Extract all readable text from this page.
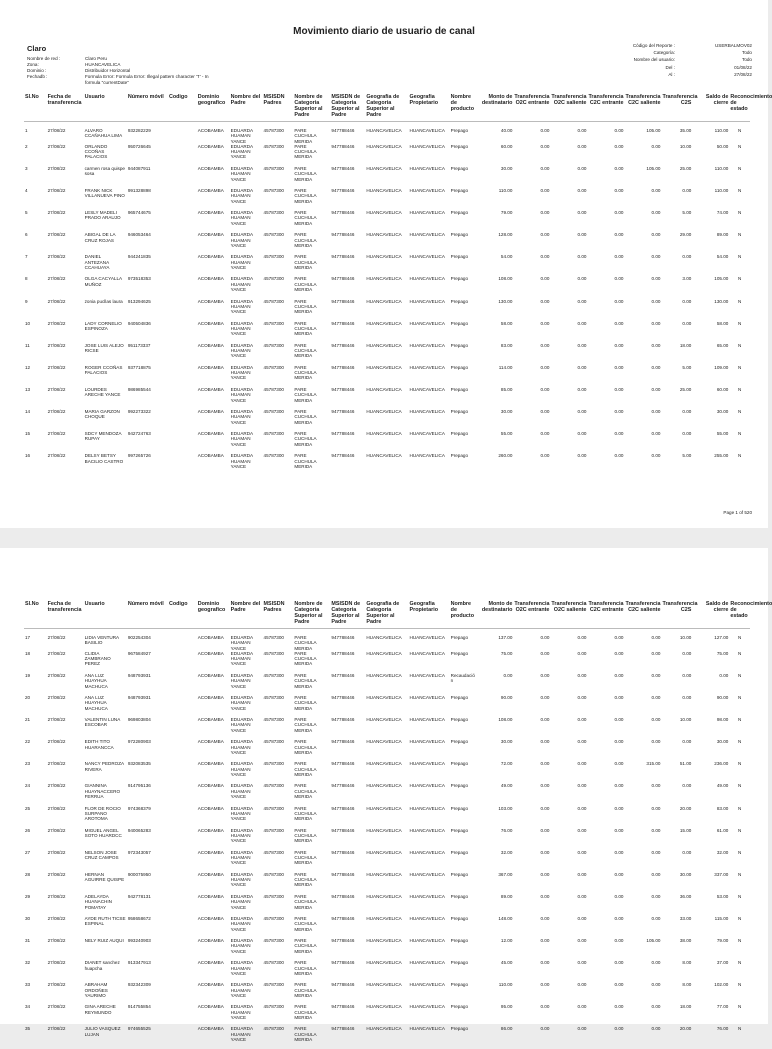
Movimiento diario de usuario de canal
Claro
Nombre de red :	Claro Peru
Zona:	HUANCAVELICA
Dominio :	Distribuidor Horizontal
Fechadb :	Formula Error: Formula Error: Illegal pattern character 'T' - In formula "currentDate"
Código del Reporte :	USERBALMOV02
Categoría:	Todo
Nombre del usuario:	Todo
Del :	01/08/22
Al :	27/08/22
Sl.No	Fecha de transferencia	Usuario	Número móvil	Codigo	Dominio geografico	Nombre del Padre	MSISDN Padres	Nombre de Categoria Superior al Padre	MSISDN de Categoria Superior al Padre	Geografia de Categoria Superior al Padre	Geografia Propietario	Nombre de producto	Monto de destinatario	Transferencia O2C entrante	Transferencia O2C saliente	Transferencia C2C entrante	Transferencia C2C saliente	Transferencia C2S	Saldo de cierre	Reconocimiento de estado
1	27/08/22	ALVARO CCAÑAHUA LIMA	932282229		ACOBAMBA	EDUARDA HUAMAN YANCE	45787300	PARE CUCHULA MERIDA	947788446	HUANCAVELICA	HUANCAVELICA	Prepago	40.00	0.00	0.00	0.00	105.00	35.00	110.00	N
2	27/08/22	ORLANDO CCOÑAS PALACIOS	950726645		ACOBAMBA	EDUARDA HUAMAN YANCE	45787300	PARE CUCHULA MERIDA	947788446	HUANCAVELICA	HUANCAVELICA	Prepago	60.00	0.00	0.00	0.00	0.00	10.00	50.00	N
3	27/08/22	carmen rosa quispe sosa	944087911		ACOBAMBA	EDUARDA HUAMAN YANCE	45787300	PARE CUCHULA MERIDA	947788446	HUANCAVELICA	HUANCAVELICA	Prepago	30.00	0.00	0.00	0.00	105.00	25.00	110.00	N
4	27/08/22	FRANK NICK VILLANUEVA PINO	991328898		ACOBAMBA	EDUARDA HUAMAN YANCE	45787300	PARE CUCHULA MERIDA	947788446	HUANCAVELICA	HUANCAVELICA	Prepago	110.00	0.00	0.00	0.00	0.00	0.00	110.00	N
5	27/08/22	LESLY MADELI PRADO ARAUJO	965744675		ACOBAMBA	EDUARDA HUAMAN YANCE	45787300	PARE CUCHULA MERIDA	947788446	HUANCAVELICA	HUANCAVELICA	Prepago	79.00	0.00	0.00	0.00	0.00	5.00	74.00	N
6	27/08/22	ABIGAL DE LA CRUZ ROJAS	946053464		ACOBAMBA	EDUARDA HUAMAN YANCE	45787300	PARE CUCHULA MERIDA	947788446	HUANCAVELICA	HUANCAVELICA	Prepago	128.00	0.00	0.00	0.00	0.00	29.00	89.00	N
7	27/08/22	DANIEL ANTEZANA CCAHUAYA	944241835		ACOBAMBA	EDUARDA HUAMAN YANCE	45787300	PARE CUCHULA MERIDA	947788446	HUANCAVELICA	HUANCAVELICA	Prepago	54.00	0.00	0.00	0.00	0.00	0.00	54.00	N
8	27/08/22	OLGA CACYALLA MUÑOZ	973518353		ACOBAMBA	EDUARDA HUAMAN YANCE	45787300	PARE CUCHULA MERIDA	947788446	HUANCAVELICA	HUANCAVELICA	Prepago	108.00	0.00	0.00	0.00	0.00	3.00	105.00	N
9	27/08/22	zonia pucllas laura	913294625		ACOBAMBA	EDUARDA HUAMAN YANCE	45787300	PARE CUCHULA MERIDA	947788446	HUANCAVELICA	HUANCAVELICA	Prepago	130.00	0.00	0.00	0.00	0.00	0.00	130.00	N
10	27/08/22	LADY CORNELIO ESPINOZA	940504836		ACOBAMBA	EDUARDA HUAMAN YANCE	45787300	PARE CUCHULA MERIDA	947788446	HUANCAVELICA	HUANCAVELICA	Prepago	58.00	0.00	0.00	0.00	0.00	0.00	58.00	N
11	27/08/22	JOSE LUIS ALEJO RICSE	951173337		ACOBAMBA	EDUARDA HUAMAN YANCE	45787300	PARE CUCHULA MERIDA	947788446	HUANCAVELICA	HUANCAVELICA	Prepago	83.00	0.00	0.00	0.00	0.00	18.00	65.00	N
12	27/08/22	ROGER CCOÑAS PALACIOS	937718875		ACOBAMBA	EDUARDA HUAMAN YANCE	45787300	PARE CUCHULA MERIDA	947788446	HUANCAVELICA	HUANCAVELICA	Prepago	114.00	0.00	0.00	0.00	0.00	5.00	109.00	N
13	27/08/22	LOURDES ARECHE YANCE	986985544		ACOBAMBA	EDUARDA HUAMAN YANCE	45787300	PARE CUCHULA MERIDA	947788446	HUANCAVELICA	HUANCAVELICA	Prepago	85.00	0.00	0.00	0.00	0.00	25.00	60.00	N
14	27/08/22	MARIA GARZON CHOQUE	992273322		ACOBAMBA	EDUARDA HUAMAN YANCE	45787300	PARE CUCHULA MERIDA	947788446	HUANCAVELICA	HUANCAVELICA	Prepago	30.00	0.00	0.00	0.00	0.00	0.00	30.00	N
15	27/08/22	SDCY MENDOZA RUPAY	942724763		ACOBAMBA	EDUARDA HUAMAN YANCE	45787300	PARE CUCHULA MERIDA	947788446	HUANCAVELICA	HUANCAVELICA	Prepago	55.00	0.00	0.00	0.00	0.00	0.00	55.00	N
16	27/08/22	DELSY BETSY BACILIO CASTRO	997265726		ACOBAMBA	EDUARDA HUAMAN YANCE	45787300	PARE CUCHULA MERIDA	947788446	HUANCAVELICA	HUANCAVELICA	Prepago	260.00	0.00	0.00	0.00	0.00	5.00	255.00	N
Page 1 of 520
Sl.No	Fecha de transferencia	Usuario	Número móvil	Codigo	Dominio geografico	Nombre del Padre	MSISDN Padres	Nombre de Categoria Superior al Padre	MSISDN de Categoria Superior al Padre	Geografia de Categoria Superior al Padre	Geografia Propietario	Nombre de producto	Monto de destinatario	Transferencia O2C entrante	Transferencia O2C saliente	Transferencia C2C entrante	Transferencia C2C saliente	Transferencia C2S	Saldo de cierre	Reconocimiento de estado
17	27/08/22	LIDIA VENTURA BASILIO	902254304		ACOBAMBA	EDUARDA HUAMAN YANCE	45787300	PARE CUCHULA MERIDA	947788446	HUANCAVELICA	HUANCAVELICA	Prepago	137.00	0.00	0.00	0.00	0.00	10.00	127.00	N
18	27/08/22	CLIDIA ZAMBRANO PEREZ	967584927		ACOBAMBA	EDUARDA HUAMAN YANCE	45787300	PARE CUCHULA MERIDA	947788446	HUANCAVELICA	HUANCAVELICA	Prepago	75.00	0.00	0.00	0.00	0.00	0.00	75.00	N
19	27/08/22	ANA LUZ HUAYHUA MACHUCA	948793931		ACOBAMBA	EDUARDA HUAMAN YANCE	45787300	PARE CUCHULA MERIDA	947788446	HUANCAVELICA	HUANCAVELICA	Recaudación	0.00	0.00	0.00	0.00	0.00	0.00	0.00	N
20	27/08/22	ANA LUZ HUAYHUA MACHUCA	948793931		ACOBAMBA	EDUARDA HUAMAN YANCE	45787300	PARE CUCHULA MERIDA	947788446	HUANCAVELICA	HUANCAVELICA	Prepago	90.00	0.00	0.00	0.00	0.00	0.00	90.00	N
21	27/08/22	VALENTIN LUNA ESCOBAR	969803804		ACOBAMBA	EDUARDA HUAMAN YANCE	45787300	PARE CUCHULA MERIDA	947788446	HUANCAVELICA	HUANCAVELICA	Prepago	108.00	0.00	0.00	0.00	0.00	10.00	98.00	N
22	27/08/22	EDITH TITO HUARANCCA	972280903		ACOBAMBA	EDUARDA HUAMAN YANCE	45787300	PARE CUCHULA MERIDA	947788446	HUANCAVELICA	HUANCAVELICA	Prepago	30.00	0.00	0.00	0.00	0.00	0.00	30.00	N
23	27/08/22	NANCY PEDROZA RIVERA	932083535		ACOBAMBA	EDUARDA HUAMAN YANCE	45787300	PARE CUCHULA MERIDA	947788446	HUANCAVELICA	HUANCAVELICA	Prepago	72.00	0.00	0.00	0.00	315.00	51.00	236.00	N
24	27/08/22	GIANNINA HUAYNACCERO FERRUA	914795136		ACOBAMBA	EDUARDA HUAMAN YANCE	45787300	PARE CUCHULA MERIDA	947788446	HUANCAVELICA	HUANCAVELICA	Prepago	49.00	0.00	0.00	0.00	0.00	0.00	49.00	N
25	27/08/22	FLOR DE ROCIO SURPANO AROTOMA	974368379		ACOBAMBA	EDUARDA HUAMAN YANCE	45787300	PARE CUCHULA MERIDA	947788446	HUANCAVELICA	HUANCAVELICA	Prepago	103.00	0.00	0.00	0.00	0.00	20.00	83.00	N
26	27/08/22	MIGUEL ANGEL SOTO HUARDCC	940065283		ACOBAMBA	EDUARDA HUAMAN YANCE	45787300	PARE CUCHULA MERIDA	947788446	HUANCAVELICA	HUANCAVELICA	Prepago	76.00	0.00	0.00	0.00	0.00	15.00	61.00	N
27	27/08/22	NELSON JOSE CRUZ CAMPOS	972343057		ACOBAMBA	EDUARDA HUAMAN YANCE	45787300	PARE CUCHULA MERIDA	947788446	HUANCAVELICA	HUANCAVELICA	Prepago	32.00	0.00	0.00	0.00	0.00	0.00	32.00	N
28	27/08/22	HERNAN AGUIRRE QUISPE	900075950		ACOBAMBA	EDUARDA HUAMAN YANCE	45787300	PARE CUCHULA MERIDA	947788446	HUANCAVELICA	HUANCAVELICA	Prepago	367.00	0.00	0.00	0.00	0.00	30.00	337.00	N
29	27/08/22	ADELAYDA HUANACHIN POMATAY	942778131		ACOBAMBA	EDUARDA HUAMAN YANCE	45787300	PARE CUCHULA MERIDA	947788446	HUANCAVELICA	HUANCAVELICA	Prepago	89.00	0.00	0.00	0.00	0.00	36.00	53.00	N
30	27/08/22	AYDE RUTH TICSE ESPINAL	958658672		ACOBAMBA	EDUARDA HUAMAN YANCE	45787300	PARE CUCHULA MERIDA	947788446	HUANCAVELICA	HUANCAVELICA	Prepago	148.00	0.00	0.00	0.00	0.00	33.00	115.00	N
31	27/08/22	NELY RUIZ AUQUI	993240903		ACOBAMBA	EDUARDA HUAMAN YANCE	45787300	PARE CUCHULA MERIDA	947788446	HUANCAVELICA	HUANCAVELICA	Prepago	12.00	0.00	0.00	0.00	105.00	38.00	79.00	N
32	27/08/22	DIANET sanchez huapcha	913347913		ACOBAMBA	EDUARDA HUAMAN YANCE	45787300	PARE CUCHULA MERIDA	947788446	HUANCAVELICA	HUANCAVELICA	Prepago	45.00	0.00	0.00	0.00	0.00	8.00	37.00	N
33	27/08/22	ABRAHAM ORDOÑES YAURIMO	932342309		ACOBAMBA	EDUARDA HUAMAN YANCE	45787300	PARE CUCHULA MERIDA	947788446	HUANCAVELICA	HUANCAVELICA	Prepago	110.00	0.00	0.00	0.00	0.00	8.00	102.00	N
34	27/08/22	GINA ARECHE REYMUNDO	914755854		ACOBAMBA	EDUARDA HUAMAN YANCE	45787300	PARE CUCHULA MERIDA	947788446	HUANCAVELICA	HUANCAVELICA	Prepago	95.00	0.00	0.00	0.00	0.00	18.00	77.00	N
35	27/08/22	JULIO VASQUEZ LUJAN	974655525		ACOBAMBA	EDUARDA HUAMAN YANCE	45787300	PARE CUCHULA MERIDA	947788446	HUANCAVELICA	HUANCAVELICA	Prepago	86.00	0.00	0.00	0.00	0.00	20.00	76.00	N
